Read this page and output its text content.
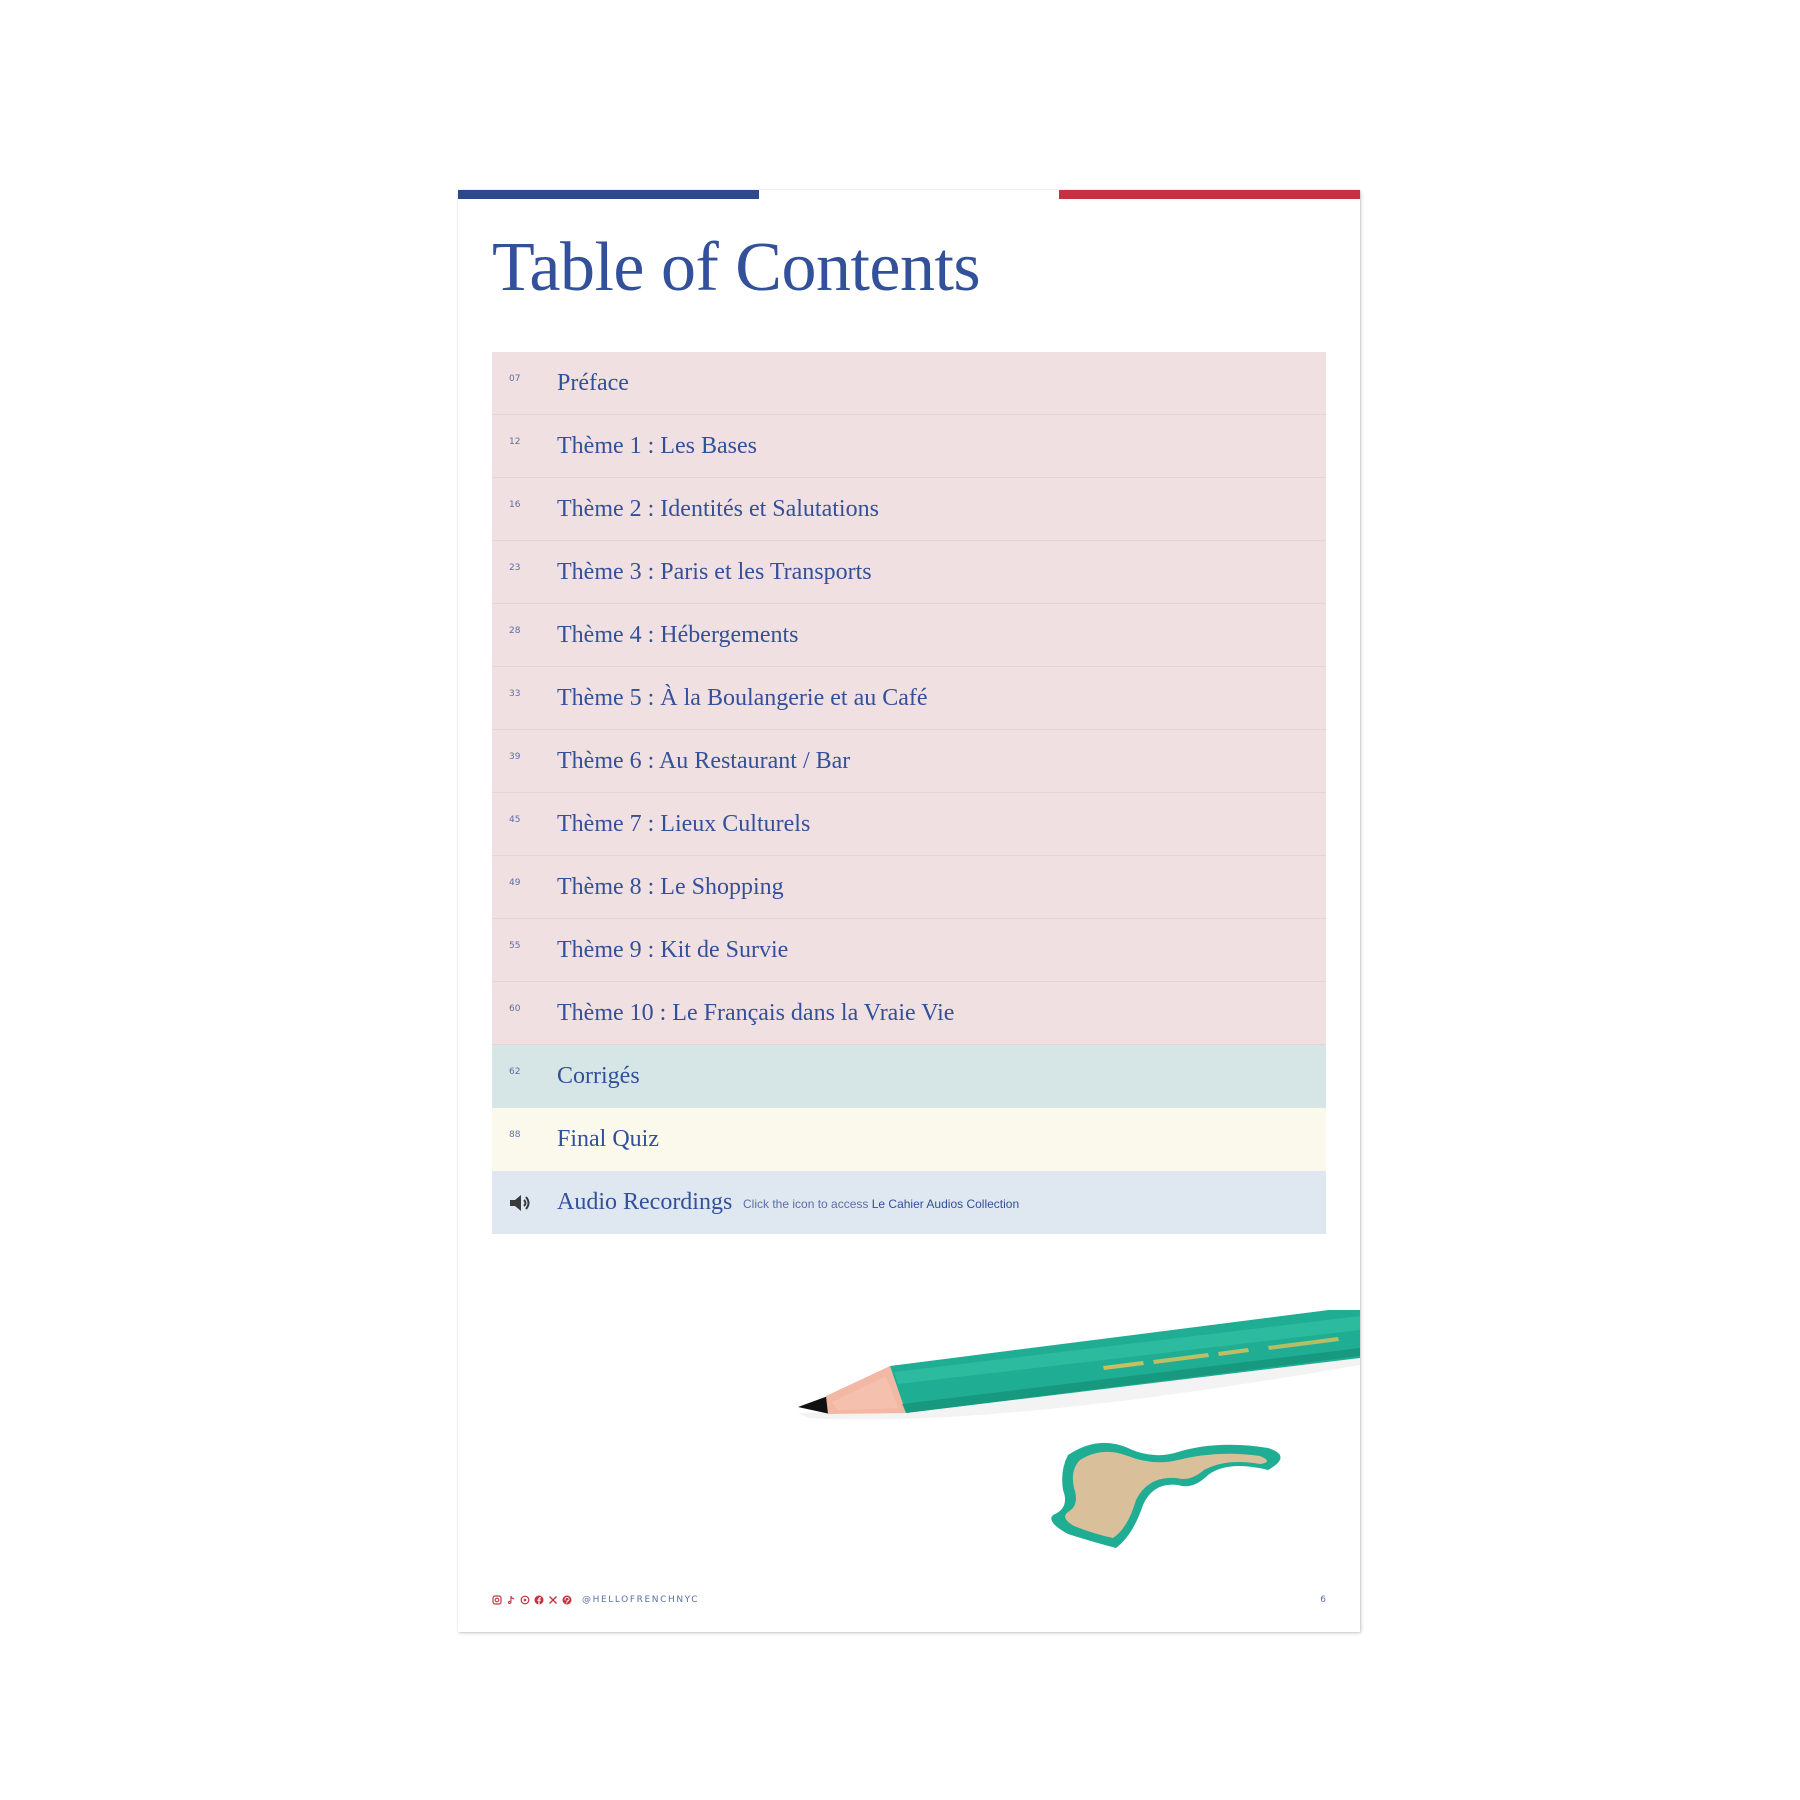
Table of Contents
07 Préface
12 Thème 1 : Les Bases
16 Thème 2 : Identités et Salutations
23 Thème 3 : Paris et les Transports
28 Thème 4 : Hébergements
33 Thème 5 : À la Boulangerie et au Café
39 Thème 6 : Au Restaurant / Bar
45 Thème 7 : Lieux Culturels
49 Thème 8 : Le Shopping
55 Thème 9 : Kit de Survie
60 Thème 10 : Le Français dans la Vraie Vie
62 Corrigés
88 Final Quiz
Audio Recordings Click the icon to access Le Cahier Audios Collection
@HELLOFRENCHNYC	6
